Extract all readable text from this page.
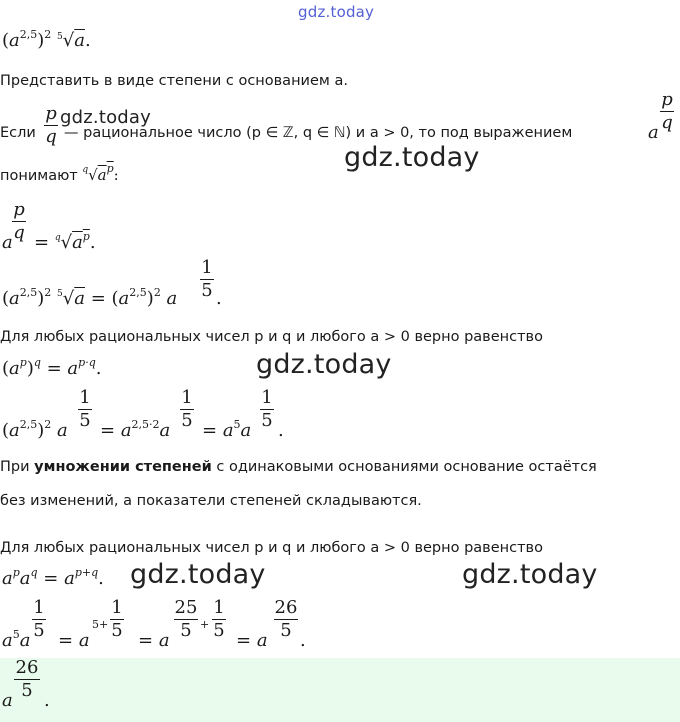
gdz.today
gdz.today
gdz.today
gdz.today
gdz.today	gdz.today
$(a^{2,5})^2$ $^5$√a.
Представить в виде степени с основанием a.
Если
p
q — рациональное число (p ∈ ℤ, q ∈ ℕ) и a > 0, то под выражением	a
p
q
понимают $^q√a^p$:
a
p
$q = ^q√a^p$.
$(a^{2,5})^2$ $^5√a = (a^{2,5})^2$ a
1
5 .
Для любых рациональных чисел p и q и любого a > 0 верно равенство
$(a^p)^q = a^{p\cdot q}$.
$(a^{2,5})^2$ a
1
$5 = a^{2,5\cdot 2}a$
1
$5 = a^5a$
1
5 .
При умножении степеней с одинаковыми основаниями основание остаётся
без изменений, а показатели степеней складываются.
Для любых рациональных чисел p и q и любого a > 0 верно равенство
$a^pa^q = a^{p+q}$.
$a^5a$
1
5 = a
5+
1
5 = a
25
5 +
1
5 = a
26
5 .
a
26
5 .
